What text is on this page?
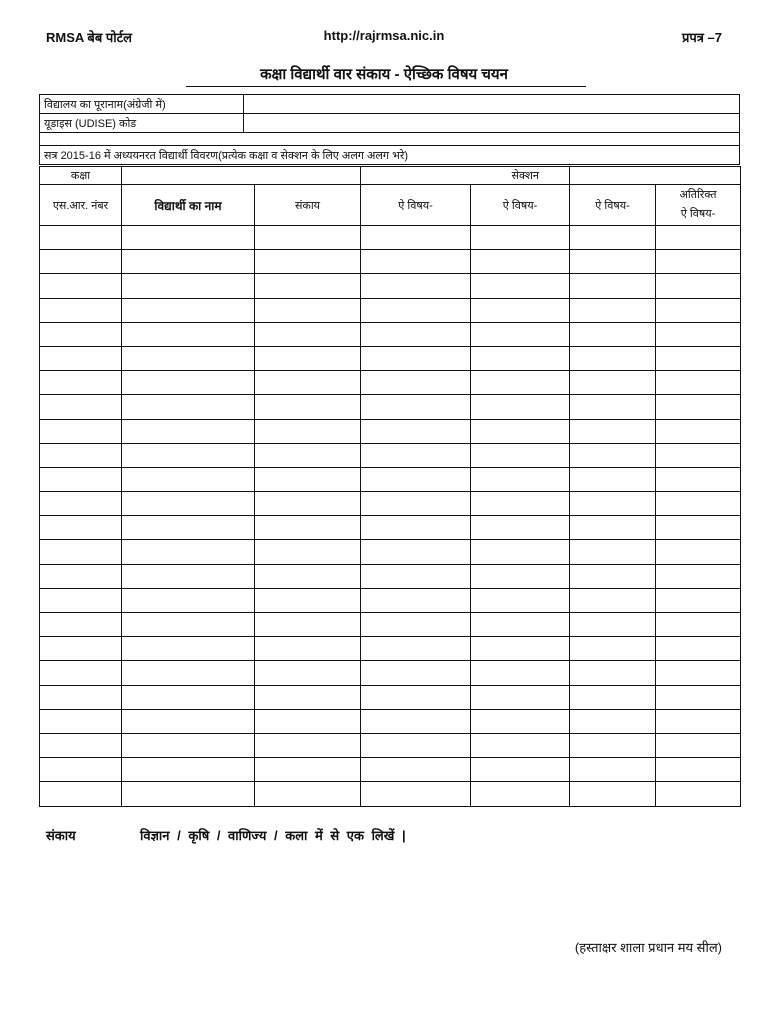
RMSA बेब पोर्टल	http://rajrmsa.nic.in	प्रपत्र –7
कक्षा विद्यार्थी वार संकाय - ऐच्छिक विषय चयन
विद्यालय का पूरानाम(अंग्रेजी में)	
यूडाइस (UDISE) कोड	

सत्र 2015-16 में अध्ययनरत विद्यार्थी विवरण(प्रत्येक कक्षा व सेक्शन के लिए अलग अलग भरे)	
कक्षा			सेक्शन			
एस.आर. नंबर	विद्यार्थी का नाम	संकाय	ऐ विषय-	ऐ विषय-	ऐ विषय-	अतिरिक्त
ऐ विषय-

संकाय	विज्ञान / कृषि / वाणिज्य / कला में से एक लिखें |
(हस्ताक्षर शाला प्रधान मय सील)
